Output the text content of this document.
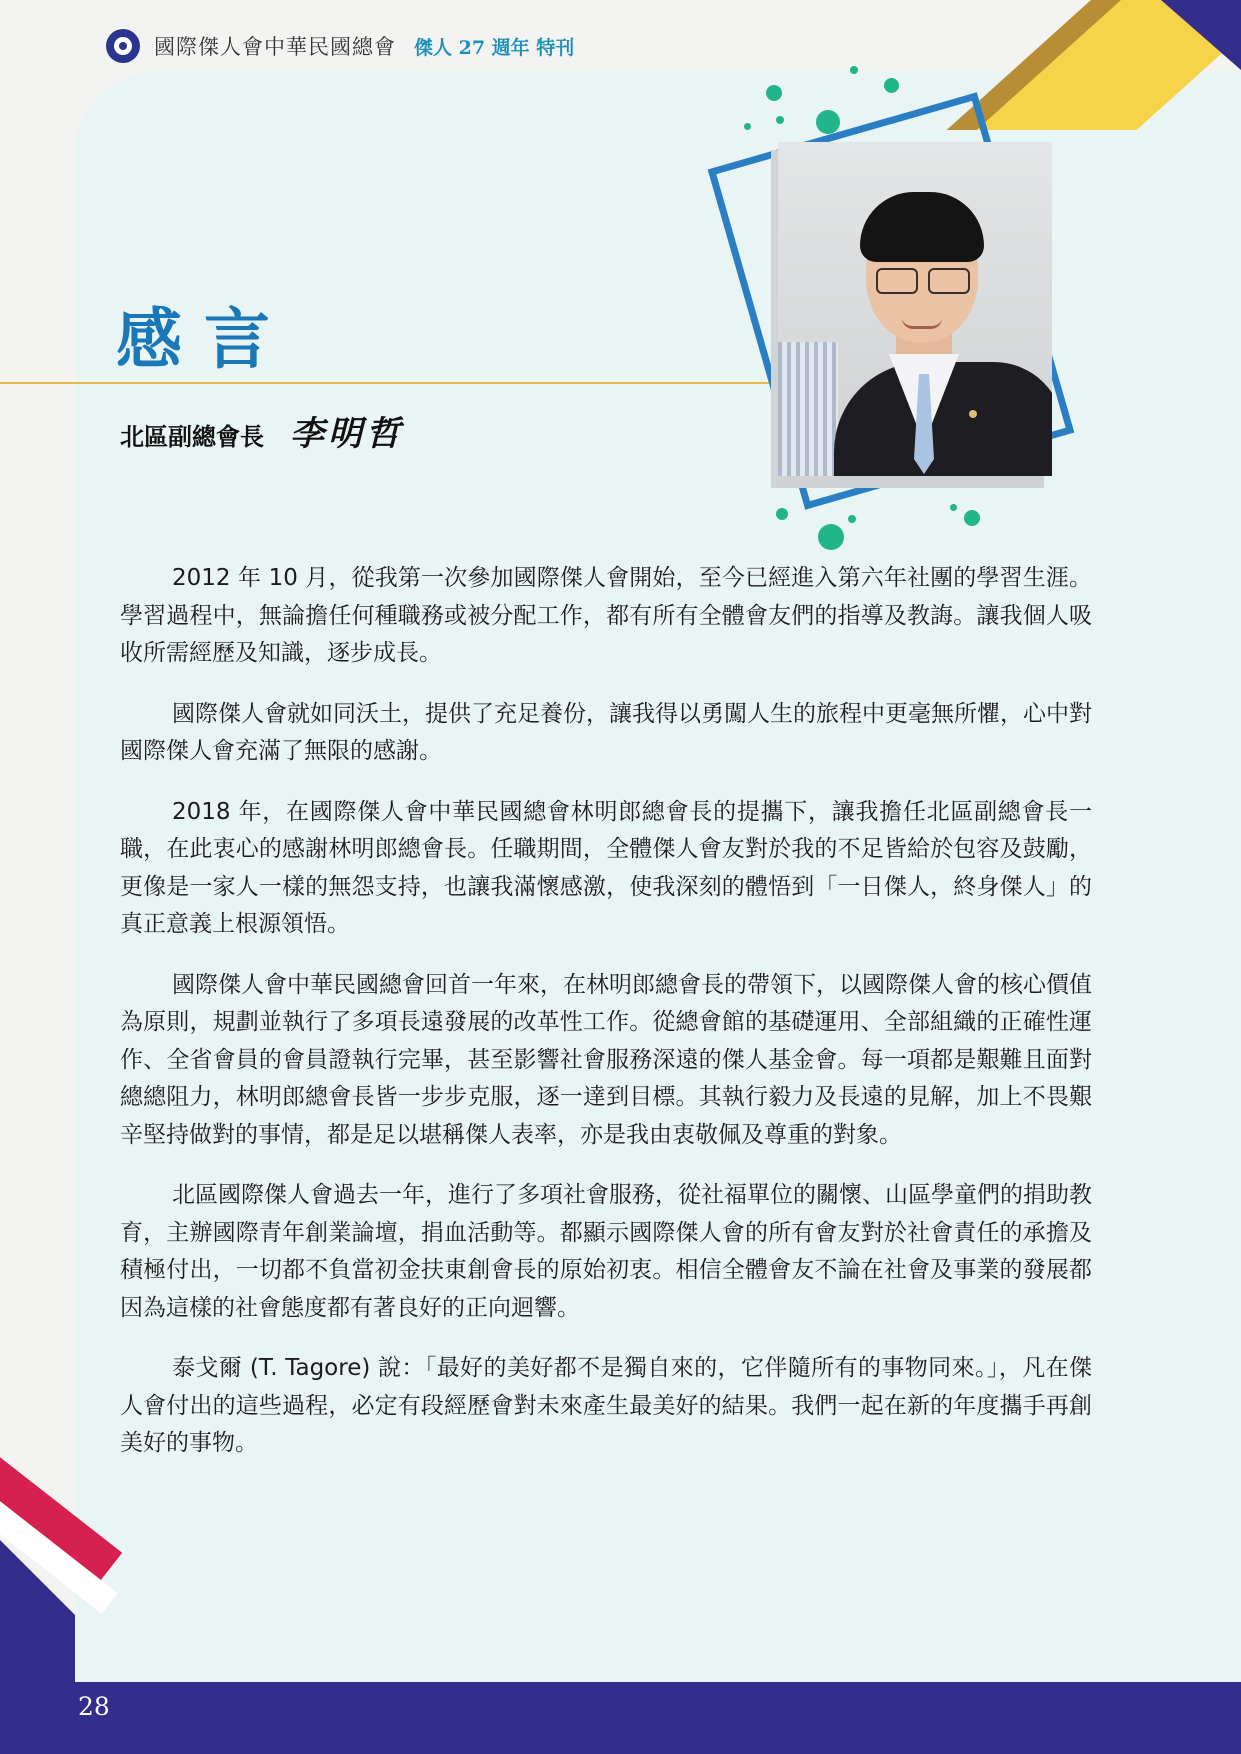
國際傑人會中華民國總會 傑人 27 週年 特刊
感言
北區副總會長 李明哲

2012 年 10 月，從我第一次參加國際傑人會開始，至今已經進入第六年社團的學習生涯。學習過程中，無論擔任何種職務或被分配工作，都有所有全體會友們的指導及教誨。讓我個人吸收所需經歷及知識，逐步成長。

國際傑人會就如同沃土，提供了充足養份，讓我得以勇闖人生的旅程中更毫無所懼，心中對國際傑人會充滿了無限的感謝。

2018 年，在國際傑人會中華民國總會林明郎總會長的提攜下，讓我擔任北區副總會長一職，在此衷心的感謝林明郎總會長。任職期間，全體傑人會友對於我的不足皆給於包容及鼓勵，更像是一家人一樣的無怨支持，也讓我滿懷感激，使我深刻的體悟到「一日傑人，終身傑人」的真正意義上根源領悟。

國際傑人會中華民國總會回首一年來，在林明郎總會長的帶領下，以國際傑人會的核心價值為原則，規劃並執行了多項長遠發展的改革性工作。從總會館的基礎運用、全部組織的正確性運作、全省會員的會員證執行完畢，甚至影響社會服務深遠的傑人基金會。每一項都是艱難且面對總總阻力，林明郎總會長皆一步步克服，逐一達到目標。其執行毅力及長遠的見解，加上不畏艱辛堅持做對的事情，都是足以堪稱傑人表率，亦是我由衷敬佩及尊重的對象。

北區國際傑人會過去一年，進行了多項社會服務，從社福單位的關懷、山區學童們的捐助教育，主辦國際青年創業論壇，捐血活動等。都顯示國際傑人會的所有會友對於社會責任的承擔及積極付出，一切都不負當初金扶東創會長的原始初衷。相信全體會友不論在社會及事業的發展都因為這樣的社會態度都有著良好的正向迴響。

泰戈爾 (T. Tagore) 說：「最好的美好都不是獨自來的，它伴隨所有的事物同來。」，凡在傑人會付出的這些過程，必定有段經歷會對未來產生最美好的結果。我們一起在新的年度攜手再創美好的事物。

28
